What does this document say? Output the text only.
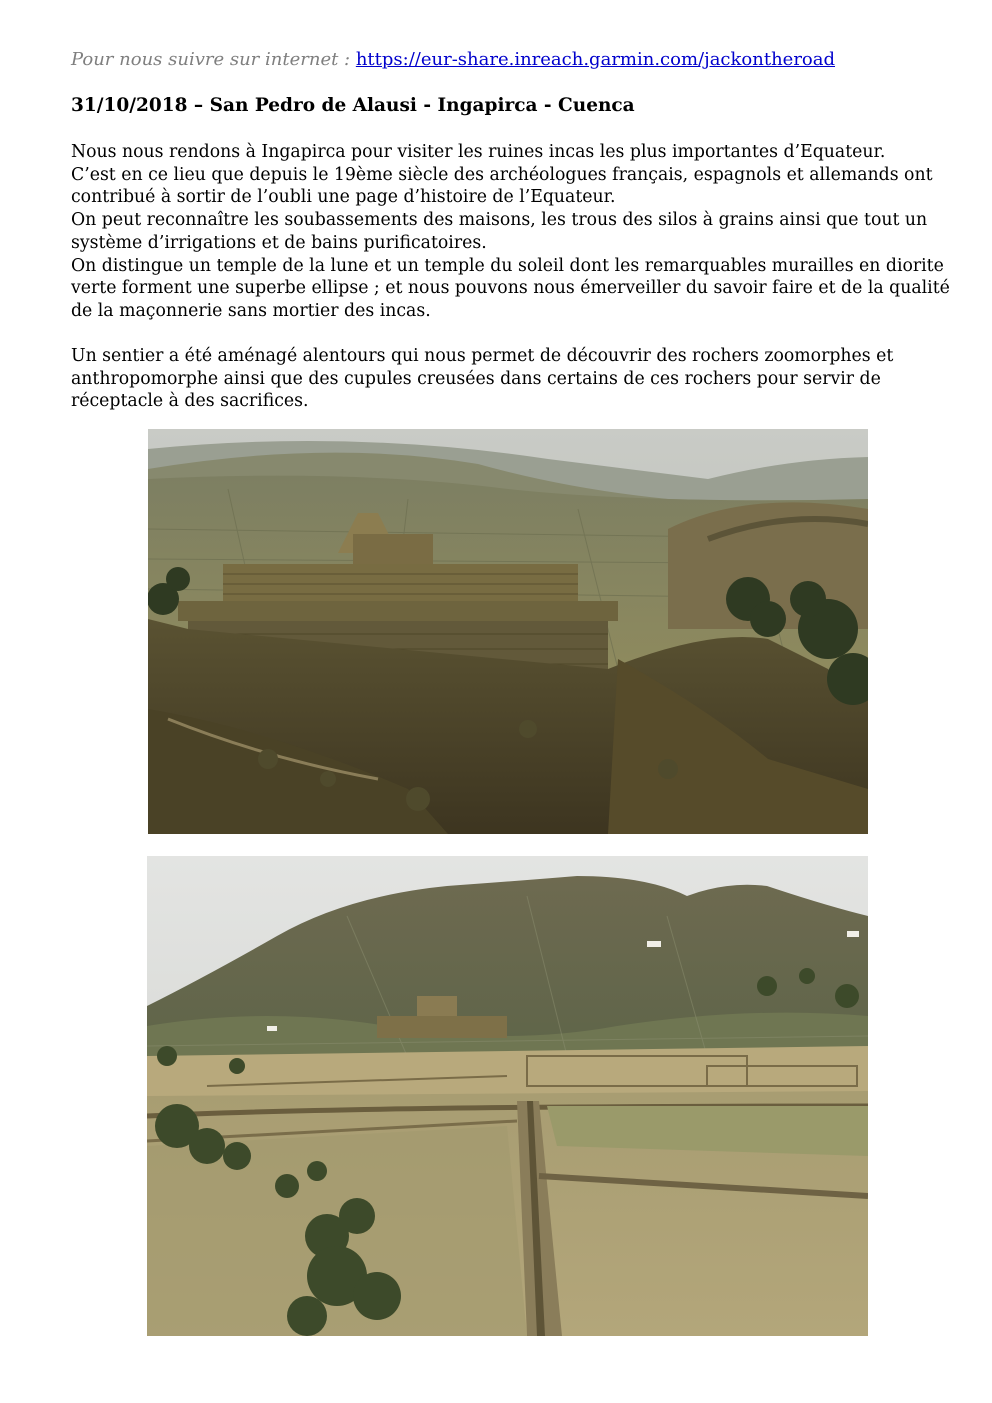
Pour nous suivre sur internet : https://eur-share.inreach.garmin.com/jackontheroad
31/10/2018 – San Pedro de Alausi - Ingapirca - Cuenca
Nous nous rendons à Ingapirca pour visiter les ruines incas les plus importantes d’Equateur.
C’est en ce lieu que depuis le 19ème siècle des archéologues français, espagnols et allemands ont
contribué à sortir de l’oubli une page d’histoire de l’Equateur.
On peut reconnaître les soubassements des maisons, les trous des silos à grains ainsi que tout un
système d’irrigations et de bains purificatoires.
On distingue un temple de la lune et un temple du soleil dont les remarquables murailles en diorite
verte forment une superbe ellipse ; et nous pouvons nous émerveiller du savoir faire et de la qualité
de la maçonnerie sans mortier des incas.
Un sentier a été aménagé alentours qui nous permet de découvrir des rochers zoomorphes et
anthropomorphe ainsi que des cupules creusées dans certains de ces rochers pour servir de
réceptacle à des sacrifices.
